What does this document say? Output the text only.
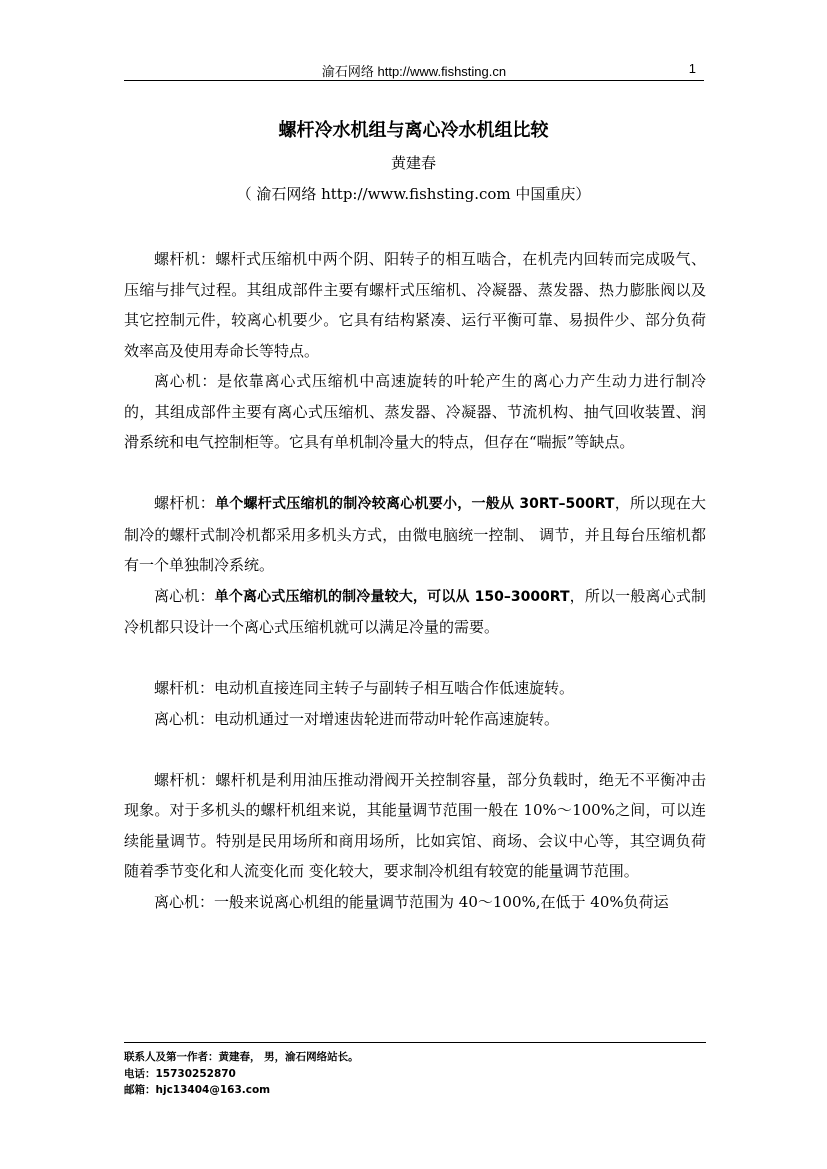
渝石网络 http://www.fishsting.cn	1
螺杆冷水机组与离心冷水机组比较
黄建春
（ 渝石网络 http://www.fishsting.com 中国重庆）

螺杆机：螺杆式压缩机中两个阴、阳转子的相互啮合，在机壳内回转而完成吸气、压缩与排气过程。其组成部件主要有螺杆式压缩机、冷凝器、蒸发器、热力膨胀阀以及其它控制元件，较离心机要少。它具有结构紧凑、运行平衡可靠、易损件少、部分负荷效率高及使用寿命长等特点。

离心机：是依靠离心式压缩机中高速旋转的叶轮产生的离心力产生动力进行制冷的，其组成部件主要有离心式压缩机、蒸发器、冷凝器、节流机构、抽气回收装置、润滑系统和电气控制柜等。它具有单机制冷量大的特点，但存在“喘振”等缺点。

螺杆机：单个螺杆式压缩机的制冷较离心机要小，一般从 30RT–500RT，所以现在大制冷的螺杆式制冷机都采用多机头方式，由微电脑统一控制、 调节，并且每台压缩机都有一个单独制冷系统。

离心机：单个离心式压缩机的制冷量较大，可以从 150–3000RT，所以一般离心式制冷机都只设计一个离心式压缩机就可以满足冷量的需要。

螺杆机：电动机直接连同主转子与副转子相互啮合作低速旋转。

离心机：电动机通过一对增速齿轮进而带动叶轮作高速旋转。

螺杆机：螺杆机是利用油压推动滑阀开关控制容量，部分负载时，绝无不平衡冲击现象。对于多机头的螺杆机组来说，其能量调节范围一般在 10%～100%之间，可以连续能量调节。特别是民用场所和商用场所，比如宾馆、商场、会议中心等，其空调负荷随着季节变化和人流变化而 变化较大，要求制冷机组有较宽的能量调节范围。

离心机：一般来说离心机组的能量调节范围为 40～100%,在低于 40%负荷运

联系人及第一作者：黄建春， 男，渝石网络站长。
电话：15730252870
邮箱：hjc13404@163.com
